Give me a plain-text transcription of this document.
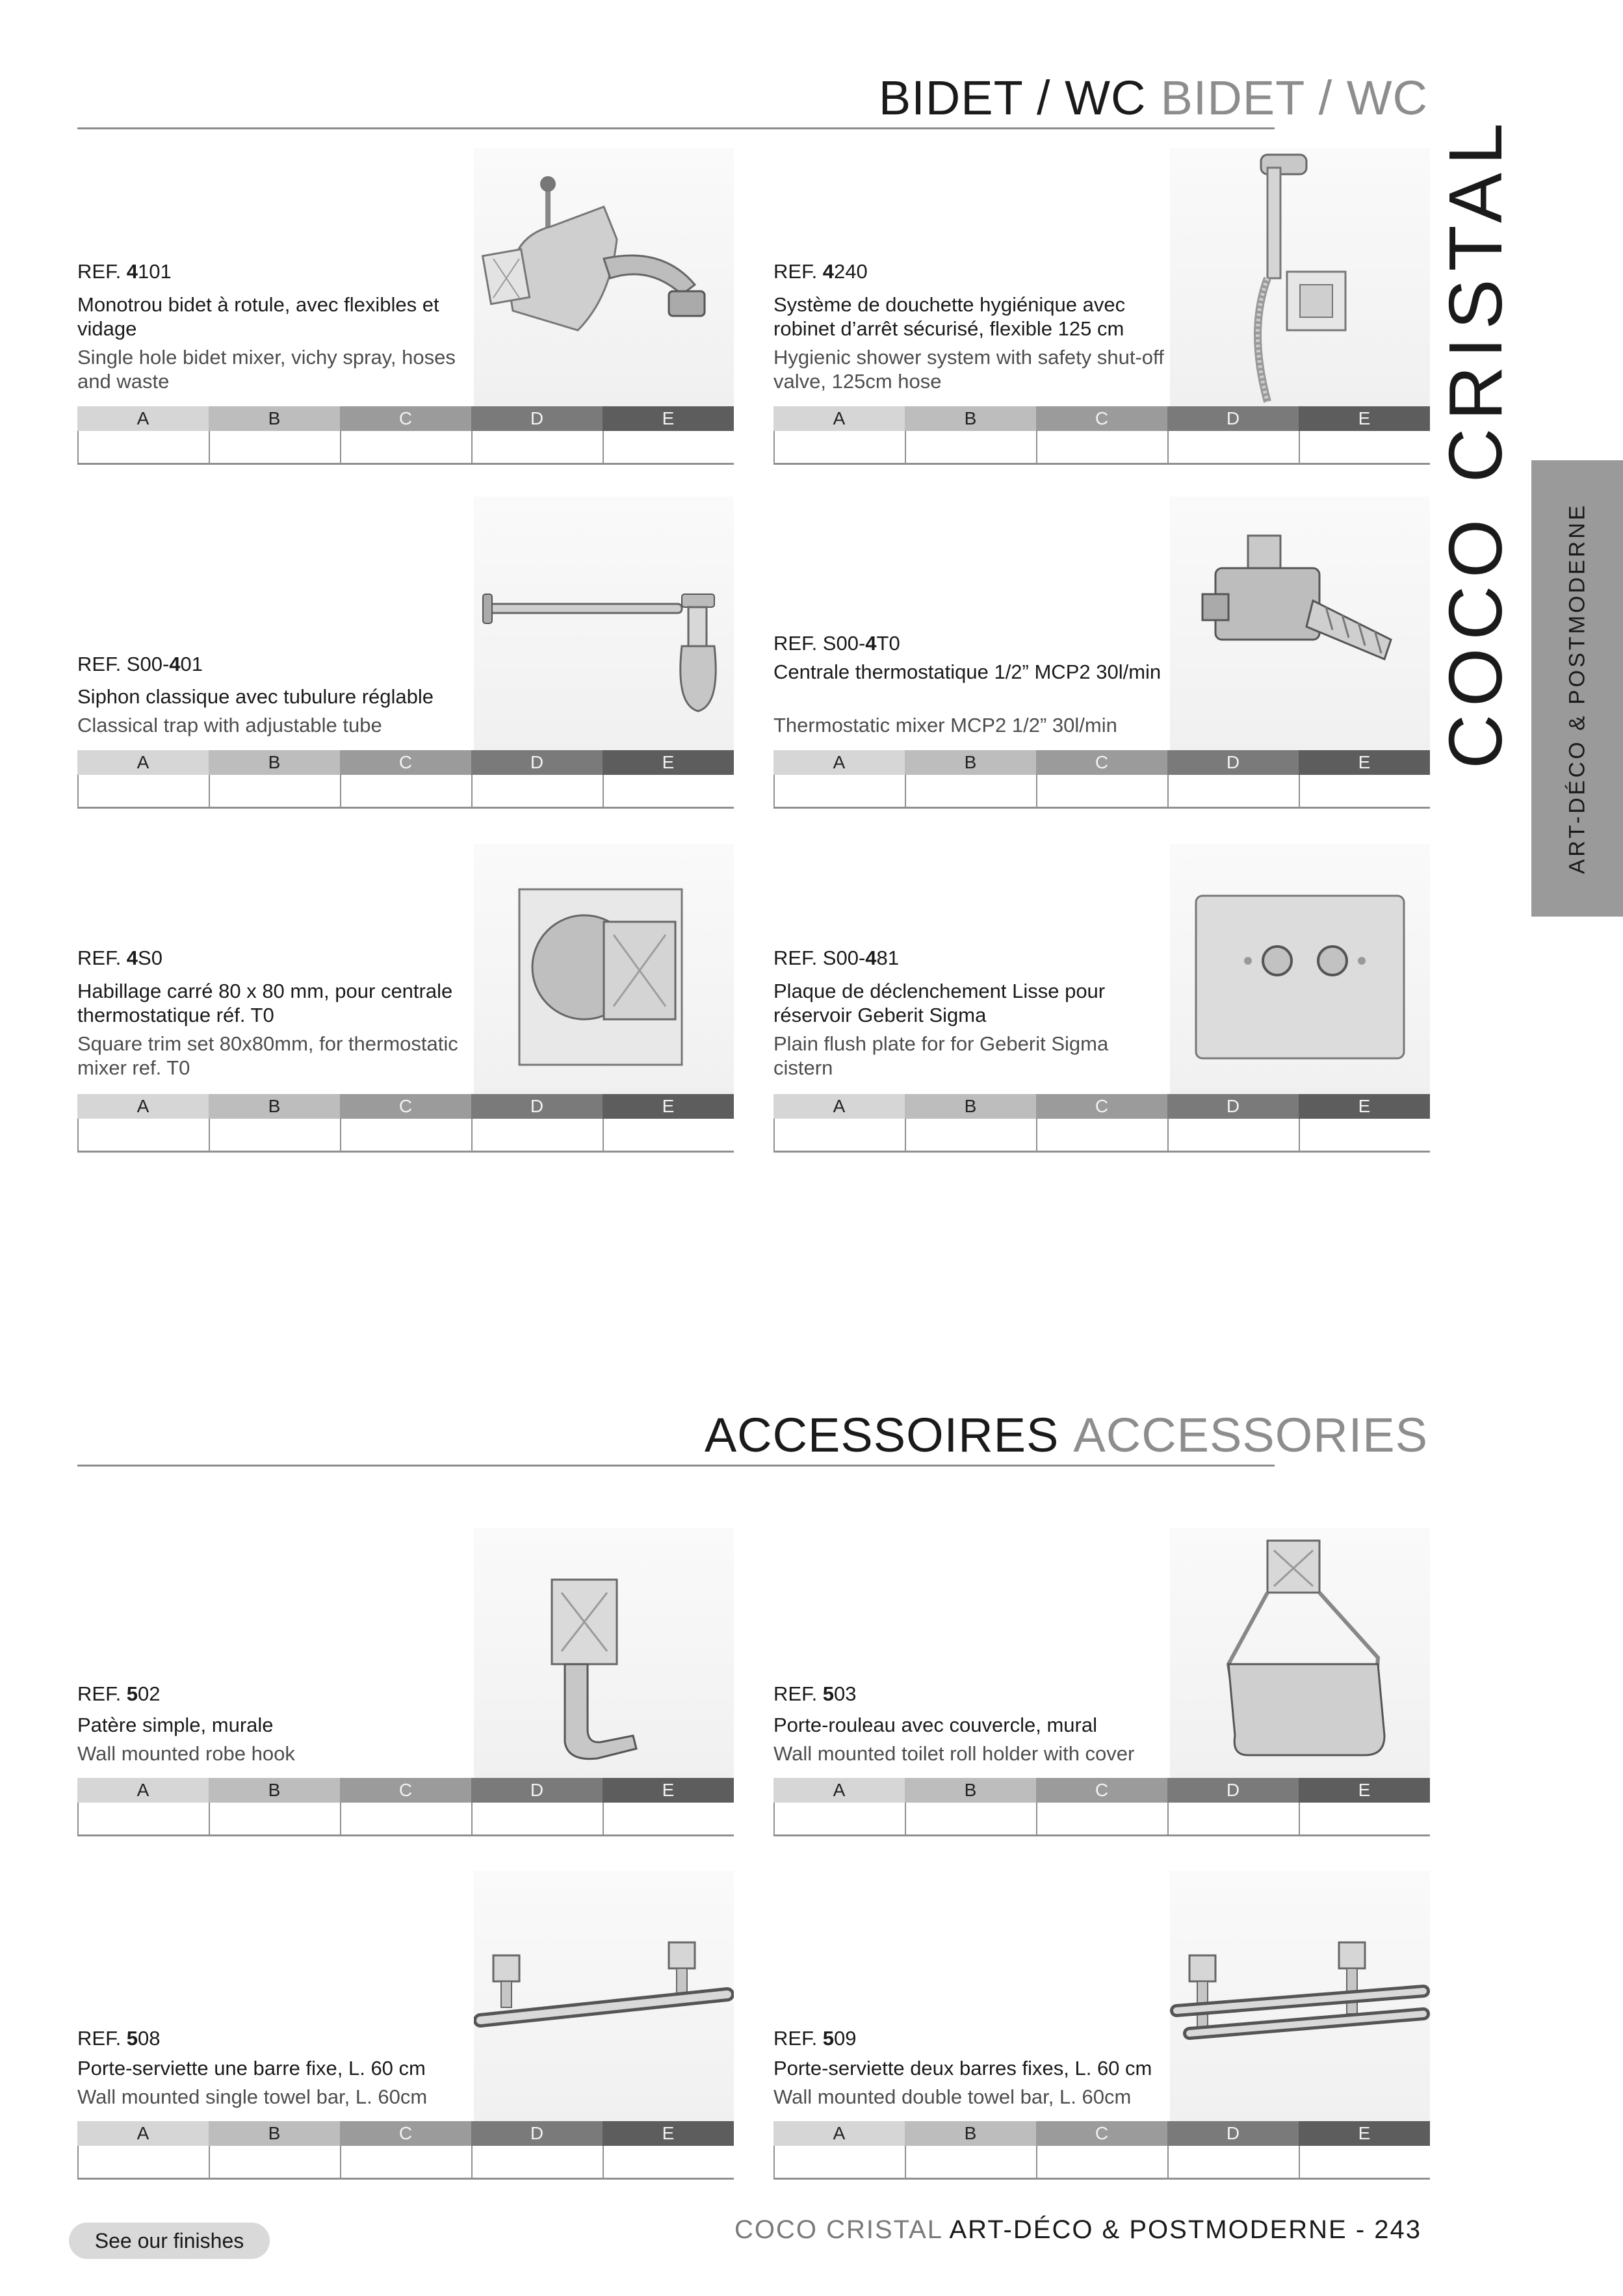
BIDET / WC BIDET / WC
COCO CRISTAL ART-DÉCO & POSTMODERNE
REF. 4101
Monotrou bidet à rotule, avec flexibles et vidage
Single hole bidet mixer, vichy spray, hoses and waste
A	B	C	D	E
REF. 4240
Système de douchette hygiénique avec robinet d’arrêt sécurisé, flexible 125 cm
Hygienic shower system with safety shut-off valve, 125cm hose
A	B	C	D	E
REF. S00-401
Siphon classique avec tubulure réglable
Classical trap with adjustable tube
A	B	C	D	E
REF. S00-4T0
Centrale thermostatique 1/2” MCP2 30l/min
Thermostatic mixer MCP2 1/2” 30l/min
A	B	C	D	E
REF. 4S0
Habillage carré 80 x 80 mm, pour centrale thermostatique réf. T0
Square trim set 80x80mm, for thermostatic mixer ref. T0
A	B	C	D	E
REF. S00-481
Plaque de déclenchement Lisse pour réservoir Geberit Sigma
Plain flush plate for for Geberit Sigma cistern
A	B	C	D	E
ACCESSOIRES ACCESSORIES
REF. 502
Patère simple, murale
Wall mounted robe hook
A	B	C	D	E
REF. 503
Porte-rouleau avec couvercle, mural
Wall mounted toilet roll holder with cover
A	B	C	D	E
REF. 508
Porte-serviette une barre fixe, L. 60 cm
Wall mounted single towel bar, L. 60cm
A	B	C	D	E
REF. 509
Porte-serviette deux barres fixes, L. 60 cm
Wall mounted double towel bar, L. 60cm
A	B	C	D	E
See our finishes	COCO CRISTAL ART-DÉCO & POSTMODERNE - 243
